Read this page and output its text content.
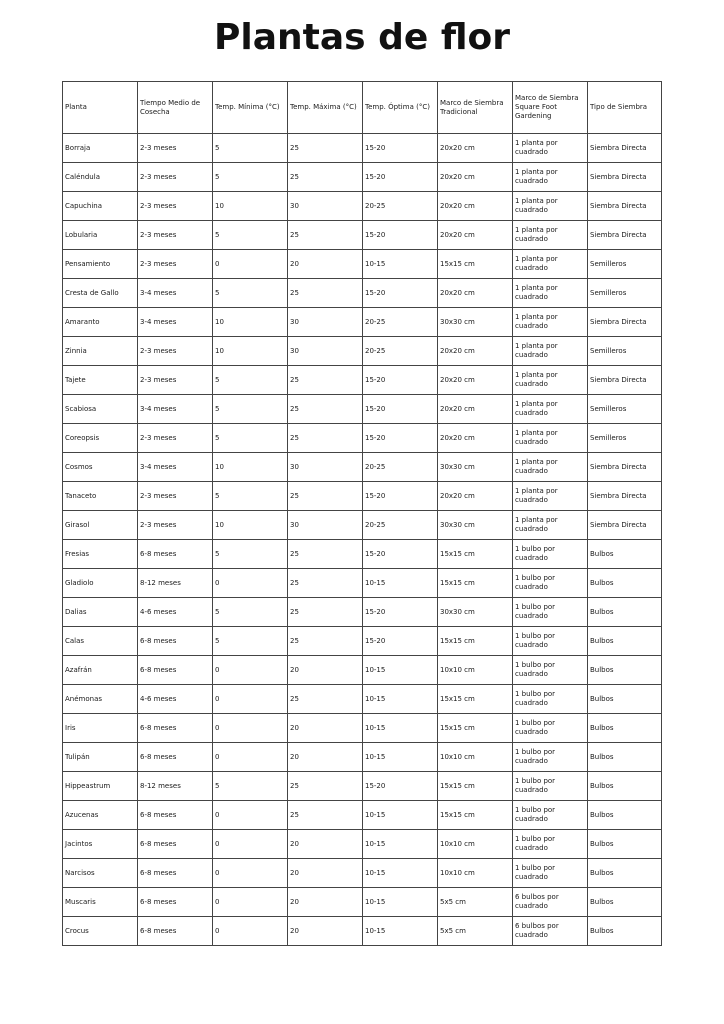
Plantas de flor
Planta	Tiempo Medio de Cosecha	Temp. Mínima (°C)	Temp. Máxima (°C)	Temp. Óptima (°C)	Marco de Siembra Tradicional	Marco de Siembra Square Foot Gardening	Tipo de Siembra
Borraja	2-3 meses	5	25	15-20	20x20 cm	1 planta por cuadrado	Siembra Directa
Caléndula	2-3 meses	5	25	15-20	20x20 cm	1 planta por cuadrado	Siembra Directa
Capuchina	2-3 meses	10	30	20-25	20x20 cm	1 planta por cuadrado	Siembra Directa
Lobularia	2-3 meses	5	25	15-20	20x20 cm	1 planta por cuadrado	Siembra Directa
Pensamiento	2-3 meses	0	20	10-15	15x15 cm	1 planta por cuadrado	Semilleros
Cresta de Gallo	3-4 meses	5	25	15-20	20x20 cm	1 planta por cuadrado	Semilleros
Amaranto	3-4 meses	10	30	20-25	30x30 cm	1 planta por cuadrado	Siembra Directa
Zinnia	2-3 meses	10	30	20-25	20x20 cm	1 planta por cuadrado	Semilleros
Tajete	2-3 meses	5	25	15-20	20x20 cm	1 planta por cuadrado	Siembra Directa
Scabiosa	3-4 meses	5	25	15-20	20x20 cm	1 planta por cuadrado	Semilleros
Coreopsis	2-3 meses	5	25	15-20	20x20 cm	1 planta por cuadrado	Semilleros
Cosmos	3-4 meses	10	30	20-25	30x30 cm	1 planta por cuadrado	Siembra Directa
Tanaceto	2-3 meses	5	25	15-20	20x20 cm	1 planta por cuadrado	Siembra Directa
Girasol	2-3 meses	10	30	20-25	30x30 cm	1 planta por cuadrado	Siembra Directa
Fresias	6-8 meses	5	25	15-20	15x15 cm	1 bulbo por cuadrado	Bulbos
Gladiolo	8-12 meses	0	25	10-15	15x15 cm	1 bulbo por cuadrado	Bulbos
Dalias	4-6 meses	5	25	15-20	30x30 cm	1 bulbo por cuadrado	Bulbos
Calas	6-8 meses	5	25	15-20	15x15 cm	1 bulbo por cuadrado	Bulbos
Azafrán	6-8 meses	0	20	10-15	10x10 cm	1 bulbo por cuadrado	Bulbos
Anémonas	4-6 meses	0	25	10-15	15x15 cm	1 bulbo por cuadrado	Bulbos
Iris	6-8 meses	0	20	10-15	15x15 cm	1 bulbo por cuadrado	Bulbos
Tulipán	6-8 meses	0	20	10-15	10x10 cm	1 bulbo por cuadrado	Bulbos
Hippeastrum	8-12 meses	5	25	15-20	15x15 cm	1 bulbo por cuadrado	Bulbos
Azucenas	6-8 meses	0	25	10-15	15x15 cm	1 bulbo por cuadrado	Bulbos
Jacintos	6-8 meses	0	20	10-15	10x10 cm	1 bulbo por cuadrado	Bulbos
Narcisos	6-8 meses	0	20	10-15	10x10 cm	1 bulbo por cuadrado	Bulbos
Muscaris	6-8 meses	0	20	10-15	5x5 cm	6 bulbos por cuadrado	Bulbos
Crocus	6-8 meses	0	20	10-15	5x5 cm	6 bulbos por cuadrado	Bulbos
